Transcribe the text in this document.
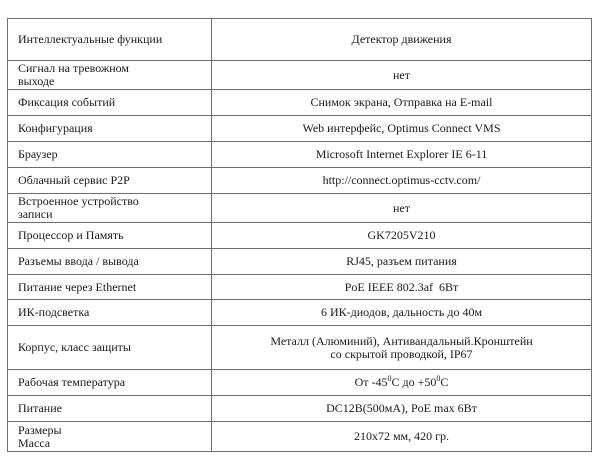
Интеллектуальные функции	Детектор движения

Сигнал на тревожном
выходе	нет
Фиксация событий	Снимок экрана, Отправка на E-mail
Конфигурация	Web интерфейс, Optimus Connect VMS
Браузер	Microsoft Internet Explorer IE 6-11
Облачный сервис P2P	http://connect.optimus-cctv.com/

Встроенное устройство
записи	нет
Процессор и Память	GK7205V210
Разъемы ввода / вывода	RJ45, разъем питания
Питание через Ethernet	PoE IEEE 802.3af  6Вт
ИК-подсветка	6 ИК-диодов, дальность до 40м
Корпус, класс защиты	Металл (Алюминий), Антивандальный.Кронштейн
со скрытой проводкой, IP67

Рабочая температура	От $-45^0C$ до $+50^0C$
Питание	DC12В(500мА), PoE max 6Вт

Размеры
Масса	210x72 мм, 420 гр.
